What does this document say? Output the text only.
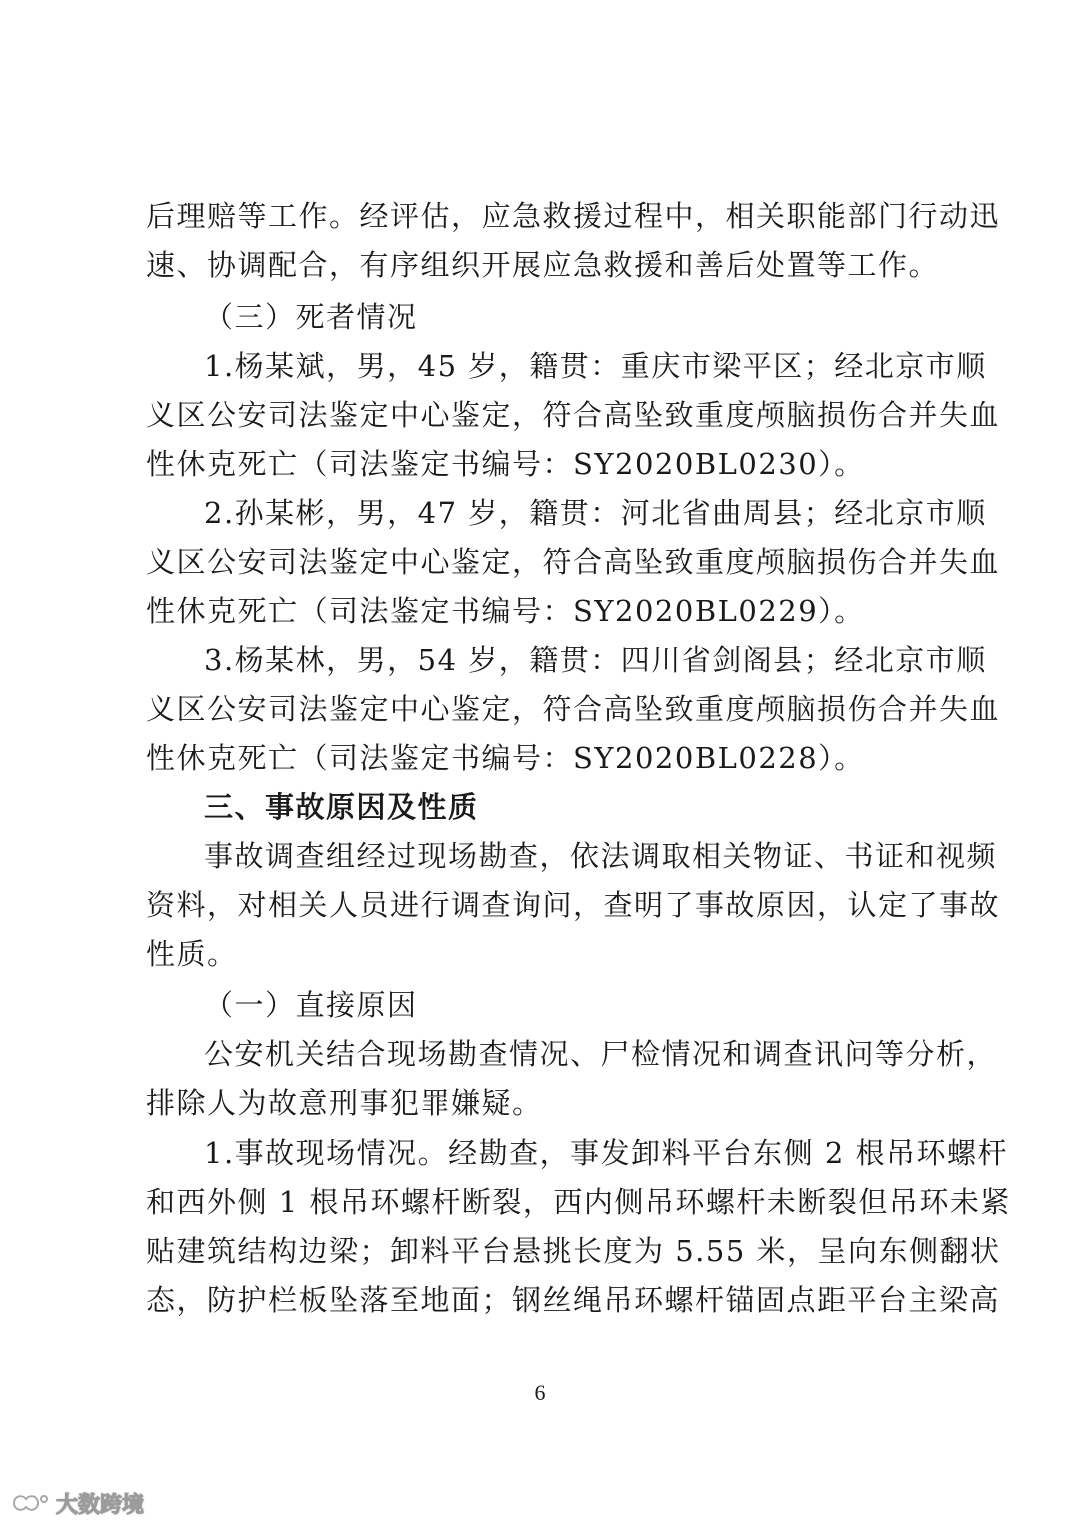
后理赔等工作。经评估，应急救援过程中，相关职能部门行动迅
速、协调配合，有序组织开展应急救援和善后处置等工作。
（三）死者情况
1.杨某斌，男，45 岁，籍贯：重庆市梁平区；经北京市顺
义区公安司法鉴定中心鉴定，符合高坠致重度颅脑损伤合并失血
性休克死亡（司法鉴定书编号：SY2020BL0230）。
2.孙某彬，男，47 岁，籍贯：河北省曲周县；经北京市顺
义区公安司法鉴定中心鉴定，符合高坠致重度颅脑损伤合并失血
性休克死亡（司法鉴定书编号：SY2020BL0229）。
3.杨某林，男，54 岁，籍贯：四川省剑阁县；经北京市顺
义区公安司法鉴定中心鉴定，符合高坠致重度颅脑损伤合并失血
性休克死亡（司法鉴定书编号：SY2020BL0228）。
三、事故原因及性质
事故调查组经过现场勘查，依法调取相关物证、书证和视频
资料，对相关人员进行调查询问，查明了事故原因，认定了事故
性质。
（一）直接原因
公安机关结合现场勘查情况、尸检情况和调查讯问等分析，
排除人为故意刑事犯罪嫌疑。
1.事故现场情况。经勘查，事发卸料平台东侧 2 根吊环螺杆
和西外侧 1 根吊环螺杆断裂，西内侧吊环螺杆未断裂但吊环未紧
贴建筑结构边梁；卸料平台悬挑长度为 5.55 米，呈向东侧翻状
态，防护栏板坠落至地面；钢丝绳吊环螺杆锚固点距平台主梁高
6
大数跨境
